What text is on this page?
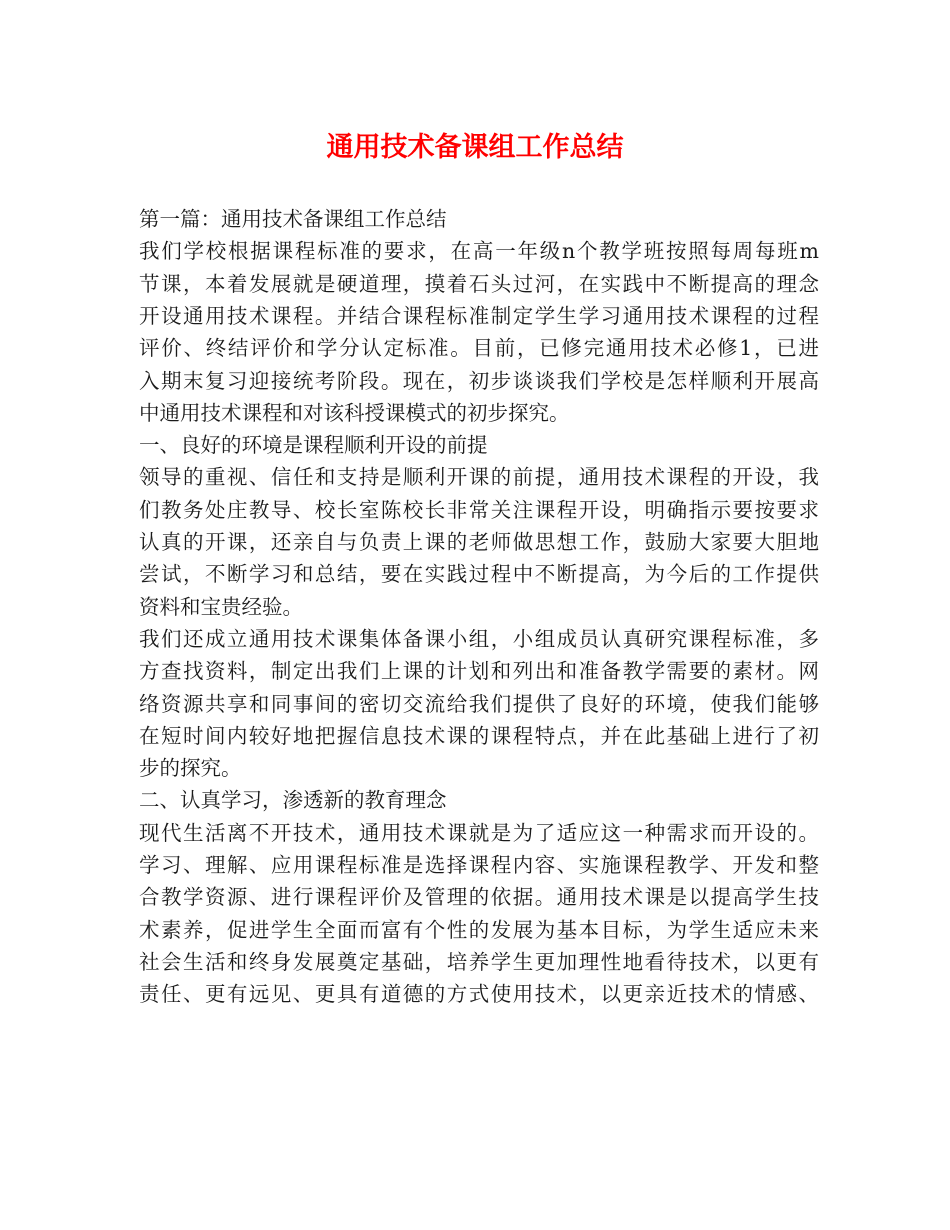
通用技术备课组工作总结

第一篇：通用技术备课组工作总结

我们学校根据课程标准的要求，在高一年级n个教学班按照每周每班m

节课，本着发展就是硬道理，摸着石头过河，在实践中不断提高的理念

开设通用技术课程。并结合课程标准制定学生学习通用技术课程的过程

评价、终结评价和学分认定标准。目前，已修完通用技术必修1，已进

入期末复习迎接统考阶段。现在，初步谈谈我们学校是怎样顺利开展高

中通用技术课程和对该科授课模式的初步探究。

一、良好的环境是课程顺利开设的前提

领导的重视、信任和支持是顺利开课的前提，通用技术课程的开设，我

们教务处庄教导、校长室陈校长非常关注课程开设，明确指示要按要求

认真的开课，还亲自与负责上课的老师做思想工作，鼓励大家要大胆地

尝试，不断学习和总结，要在实践过程中不断提高，为今后的工作提供

资料和宝贵经验。

我们还成立通用技术课集体备课小组，小组成员认真研究课程标准，多

方查找资料，制定出我们上课的计划和列出和准备教学需要的素材。网

络资源共享和同事间的密切交流给我们提供了良好的环境，使我们能够

在短时间内较好地把握信息技术课的课程特点，并在此基础上进行了初

步的探究。

二、认真学习，渗透新的教育理念

现代生活离不开技术，通用技术课就是为了适应这一种需求而开设的。

学习、理解、应用课程标准是选择课程内容、实施课程教学、开发和整

合教学资源、进行课程评价及管理的依据。通用技术课是以提高学生技

术素养，促进学生全面而富有个性的发展为基本目标，为学生适应未来

社会生活和终身发展奠定基础，培养学生更加理性地看待技术，以更有

责任、更有远见、更具有道德的方式使用技术，以更亲近技术的情感、
